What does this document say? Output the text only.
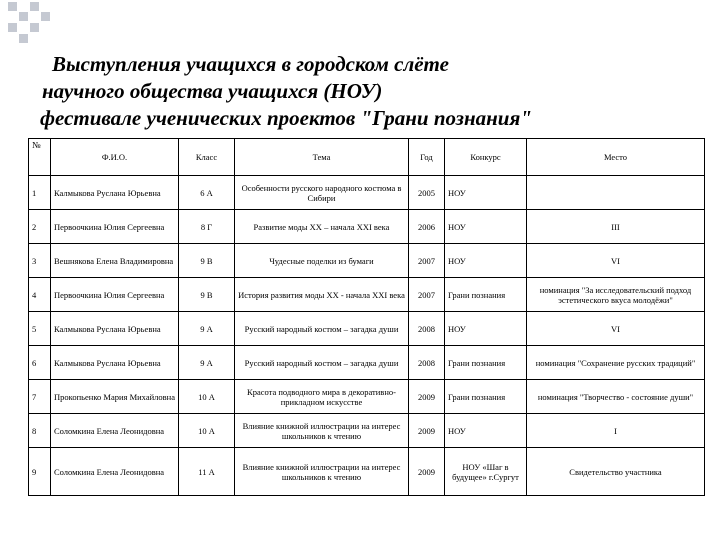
Выступления учащихся в городском слёте
научного общества учащихся (НОУ)
фестивале ученических проектов "Грани познания"
№	Ф.И.О.	Класс	Тема	Год	Конкурс	Место
1	Калмыкова Руслана Юрьевна	6 А	Особенности русского народного костюма в Сибири	2005	НОУ	
2	Первоочкина Юлия Сергеевна	8 Г	Развитие моды XX – начала XXI века	2006	НОУ	III
3	Вешнякова Елена Владимировна	9 В	Чудесные поделки из бумаги	2007	НОУ	VI
4	Первоочкина Юлия Сергеевна	9 В	История развития моды XX - начала XXI века	2007	Грани познания	номинация "За исследовательский подход эстетического вкуса молодёжи"
5	Калмыкова Руслана Юрьевна	9 А	Русский народный костюм – загадка души	2008	НОУ	VI
6	Калмыкова Руслана Юрьевна	9 А	Русский народный костюм – загадка души	2008	Грани познания	номинация "Сохранение русских традиций"
7	Прокопьенко Мария Михайловна	10 А	Красота подводного мира в декоративно-прикладном искусстве	2009	Грани познания	номинация "Творчество - состояние души"
8	Соломкина Елена Леонидовна	10 А	Влияние книжной иллюстрации на интерес школьников к чтению	2009	НОУ	I
9	Соломкина Елена Леонидовна	11 А	Влияние книжной иллюстрации на интерес школьников к чтению	2009	НОУ «Шаг в будущее» г.Сургут	Свидетельство участника
